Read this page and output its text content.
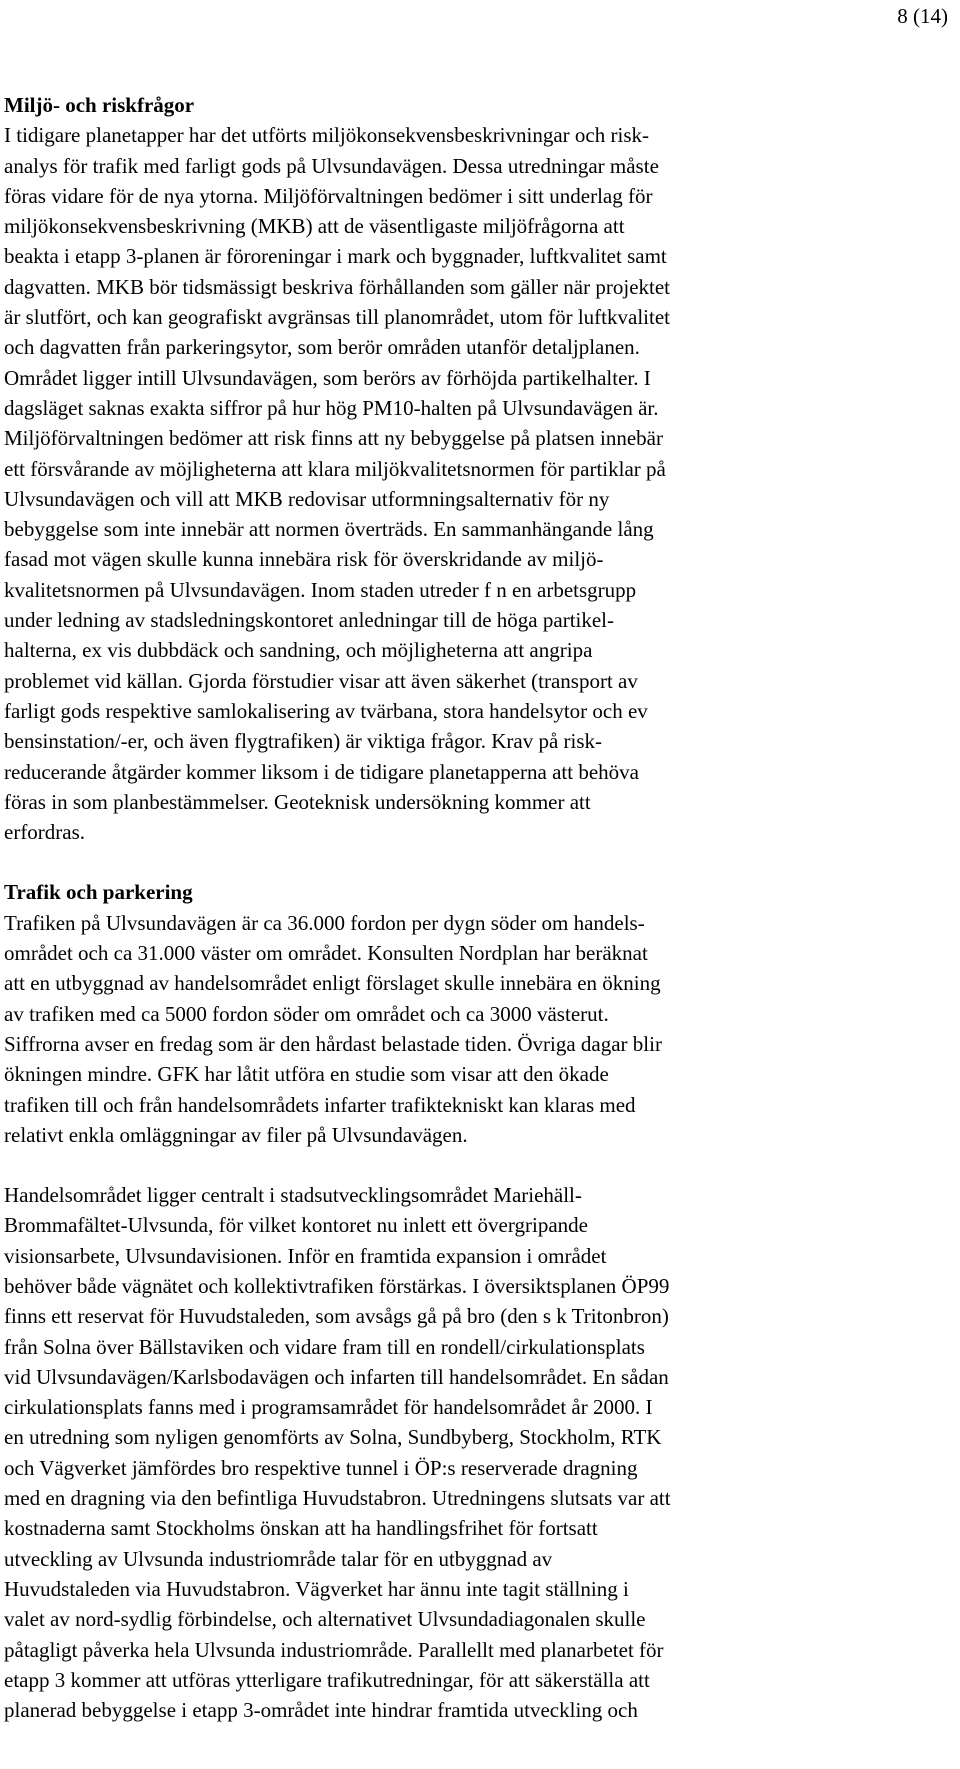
8 (14)
Miljö- och riskfrågor
I tidigare planetapper har det utförts miljökonsekvensbeskrivningar och risk-
analys för trafik med farligt gods på Ulvsundavägen. Dessa utredningar måste
föras vidare för de nya ytorna. Miljöförvaltningen bedömer i sitt underlag för
miljökonsekvensbeskrivning (MKB) att de väsentligaste miljöfrågorna att
beakta i etapp 3-planen är föroreningar i mark och byggnader, luftkvalitet samt
dagvatten. MKB bör tidsmässigt beskriva förhållanden som gäller när projektet
är slutfört, och kan geografiskt avgränsas till planområdet, utom för luftkvalitet
och dagvatten från parkeringsytor, som berör områden utanför detaljplanen.
Området ligger intill Ulvsundavägen, som berörs av förhöjda partikelhalter. I
dagsläget saknas exakta siffror på hur hög PM10-halten på Ulvsundavägen är.
Miljöförvaltningen bedömer att risk finns att ny bebyggelse på platsen innebär
ett försvårande av möjligheterna att klara miljökvalitetsnormen för partiklar på
Ulvsundavägen och vill att MKB redovisar utformningsalternativ för ny
bebyggelse som inte innebär att normen överträds. En sammanhängande lång
fasad mot vägen skulle kunna innebära risk för överskridande av miljö-
kvalitetsnormen på Ulvsundavägen. Inom staden utreder f n en arbetsgrupp
under ledning av stadsledningskontoret anledningar till de höga partikel-
halterna, ex vis dubbdäck och sandning, och möjligheterna att angripa
problemet vid källan. Gjorda förstudier visar att även säkerhet (transport av
farligt gods respektive samlokalisering av tvärbana, stora handelsytor och ev
bensinstation/-er, och även flygtrafiken) är viktiga frågor. Krav på risk-
reducerande åtgärder kommer liksom i de tidigare planetapperna att behöva
föras in som planbestämmelser. Geoteknisk undersökning kommer att
erfordras.
Trafik och parkering
Trafiken på Ulvsundavägen är ca 36.000 fordon per dygn söder om handels-
området och ca 31.000 väster om området. Konsulten Nordplan har beräknat
att en utbyggnad av handelsområdet enligt förslaget skulle innebära en ökning
av trafiken med ca 5000 fordon söder om området och ca 3000 västerut.
Siffrorna avser en fredag som är den hårdast belastade tiden. Övriga dagar blir
ökningen mindre. GFK har låtit utföra en studie som visar att den ökade
trafiken till och från handelsområdets infarter trafiktekniskt kan klaras med
relativt enkla omläggningar av filer på Ulvsundavägen.
Handelsområdet ligger centralt i stadsutvecklingsområdet Mariehäll-
Brommafältet-Ulvsunda, för vilket kontoret nu inlett ett övergripande
visionsarbete, Ulvsundavisionen. Inför en framtida expansion i området
behöver både vägnätet och kollektivtrafiken förstärkas. I översiktsplanen ÖP99
finns ett reservat för Huvudstaleden, som avsågs gå på bro (den s k Tritonbron)
från Solna över Bällstaviken och vidare fram till en rondell/cirkulationsplats
vid Ulvsundavägen/Karlsbodavägen och infarten till handelsområdet. En sådan
cirkulationsplats fanns med i programsamrådet för handelsområdet år 2000. I
en utredning som nyligen genomförts av Solna, Sundbyberg, Stockholm, RTK
och Vägverket jämfördes bro respektive tunnel i ÖP:s reserverade dragning
med en dragning via den befintliga Huvudstabron. Utredningens slutsats var att
kostnaderna samt Stockholms önskan att ha handlingsfrihet för fortsatt
utveckling av Ulvsunda industriområde talar för en utbyggnad av
Huvudstaleden via Huvudstabron. Vägverket har ännu inte tagit ställning i
valet av nord-sydlig förbindelse, och alternativet Ulvsundadiagonalen skulle
påtagligt påverka hela Ulvsunda industriområde. Parallellt med planarbetet för
etapp 3 kommer att utföras ytterligare trafikutredningar, för att säkerställa att
planerad bebyggelse i etapp 3-området inte hindrar framtida utveckling och
